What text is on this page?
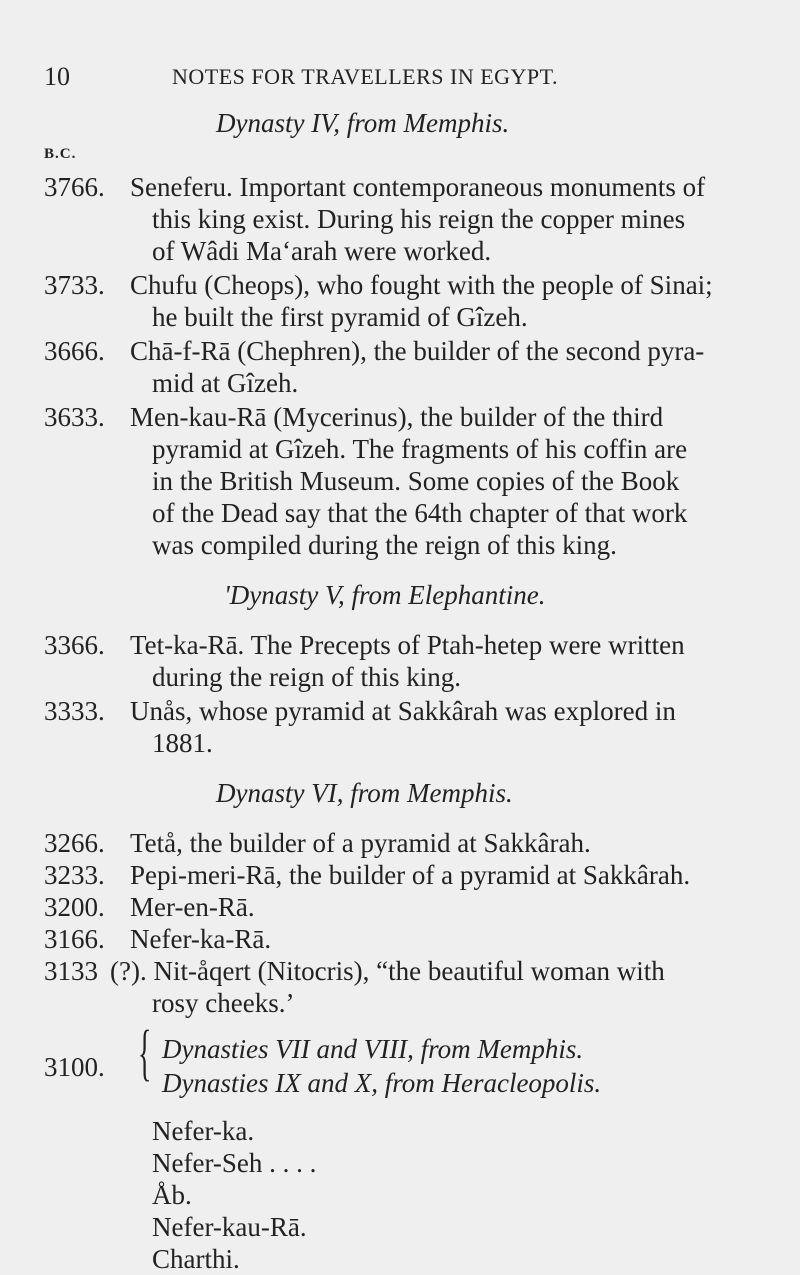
10	NOTES FOR TRAVELLERS IN EGYPT.
Dynasty IV, from Memphis.
B.C.
3766. Seneferu. Important contemporaneous monuments of
this king exist. During his reign the copper mines
of Wâdi Ma‘arah were worked.
3733. Chufu (Cheops), who fought with the people of Sinai;
he built the first pyramid of Gîzeh.
3666. Chā-f-Rā (Chephren), the builder of the second pyra-
mid at Gîzeh.
3633. Men-kau-Rā (Mycerinus), the builder of the third
pyramid at Gîzeh. The fragments of his coffin are
in the British Museum. Some copies of the Book
of the Dead say that the 64th chapter of that work
was compiled during the reign of this king.
'Dynasty V, from Elephantine.
3366. Tet-ka-Rā. The Precepts of Ptah-hetep were written
during the reign of this king.
3333. Unås, whose pyramid at Sakkârah was explored in
1881.
Dynasty VI, from Memphis.
3266. Tetå, the builder of a pyramid at Sakkârah.
3233. Pepi-meri-Rā, the builder of a pyramid at Sakkârah.
3200. Mer-en-Rā.
3166. Nefer-ka-Rā.
3133 (?). Nit-åqert (Nitocris), “the beautiful woman with
rosy cheeks.’
3100. { Dynasties VII and VIII, from Memphis.
Dynasties IX and X, from Heracleopolis.
Nefer-ka.
Nefer-Seh . . . .
Åb.
Nefer-kau-Rā.
Charthi.
